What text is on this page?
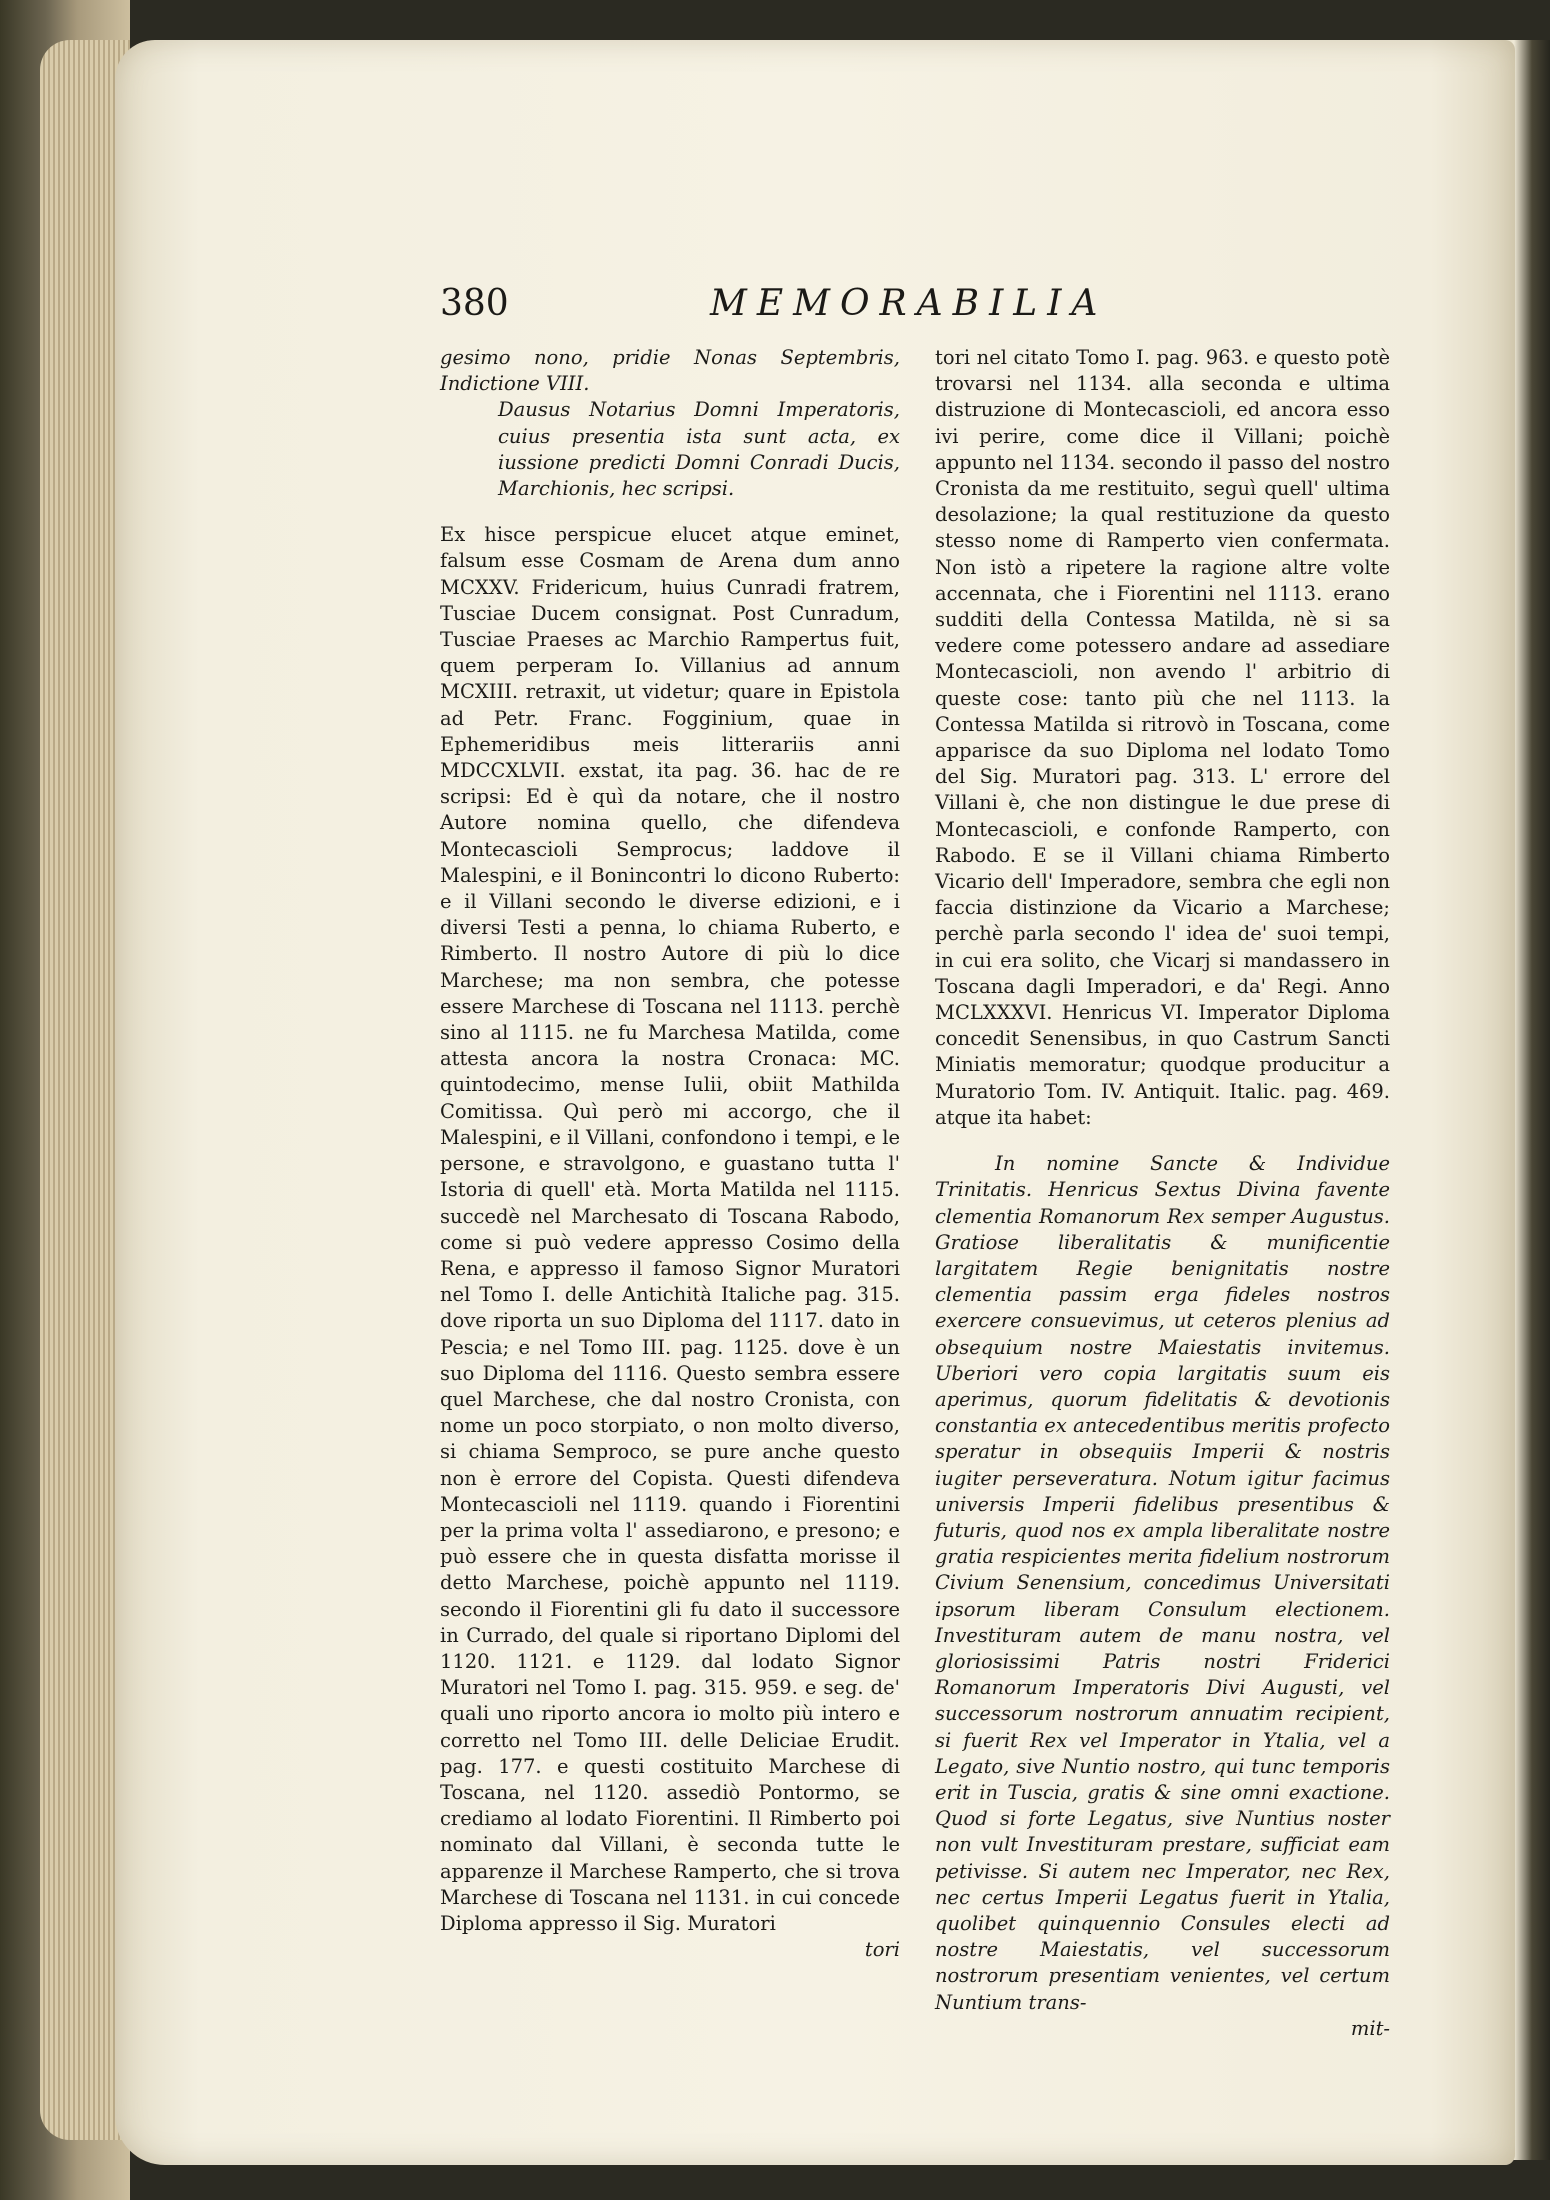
380	MEMORABILIA

gesimo nono, pridie Nonas Septembris, Indictione VIII.

Dausus Notarius Domni Imperatoris, cuius presentia ista sunt acta, ex iussione predicti Domni Conradi Ducis, Marchionis, hec scripsi.

Ex hisce perspicue elucet atque eminet, falsum esse Cosmam de Arena dum anno MCXXV. Fridericum, huius Cunradi fratrem, Tusciae Ducem consignat. Post Cunradum, Tusciae Praeses ac Marchio Rampertus fuit, quem perperam Io. Villanius ad annum MCXIII. retraxit, ut videtur; quare in Epistola ad Petr. Franc. Fogginium, quae in Ephemeridibus meis litterariis anni MDCCXLVII. exstat, ita pag. 36. hac de re scripsi: Ed è quì da notare, che il nostro Autore nomina quello, che difendeva Montecascioli Semprocus; laddove il Malespini, e il Bonincontri lo dicono Ruberto: e il Villani secondo le diverse edizioni, e i diversi Testi a penna, lo chiama Ruberto, e Rimberto. Il nostro Autore di più lo dice Marchese; ma non sembra, che potesse essere Marchese di Toscana nel 1113. perchè sino al 1115. ne fu Marchesa Matilda, come attesta ancora la nostra Cronaca: MC. quintodecimo, mense Iulii, obiit Mathilda Comitissa. Quì però mi accorgo, che il Malespini, e il Villani, confondono i tempi, e le persone, e stravolgono, e guastano tutta l' Istoria di quell' età. Morta Matilda nel 1115. succedè nel Marchesato di Toscana Rabodo, come si può vedere appresso Cosimo della Rena, e appresso il famoso Signor Muratori nel Tomo I. delle Antichità Italiche pag. 315. dove riporta un suo Diploma del 1117. dato in Pescia; e nel Tomo III. pag. 1125. dove è un suo Diploma del 1116. Questo sembra essere quel Marchese, che dal nostro Cronista, con nome un poco storpiato, o non molto diverso, si chiama Semproco, se pure anche questo non è errore del Copista. Questi difendeva Montecascioli nel 1119. quando i Fiorentini per la prima volta l' assediarono, e presono; e può essere che in questa disfatta morisse il detto Marchese, poichè appunto nel 1119. secondo il Fiorentini gli fu dato il successore in Currado, del quale si riportano Diplomi del 1120. 1121. e 1129. dal lodato Signor Muratori nel Tomo I. pag. 315. 959. e seg. de' quali uno riporto ancora io molto più intero e corretto nel Tomo III. delle Deliciae Erudit. pag. 177. e questi costituito Marchese di Toscana, nel 1120. assediò Pontormo, se crediamo al lodato Fiorentini. Il Rimberto poi nominato dal Villani, è seconda tutte le apparenze il Marchese Ramperto, che si trova Marchese di Toscana nel 1131. in cui concede Diploma appresso il Sig. Muratori

tori

tori nel citato Tomo I. pag. 963. e questo potè trovarsi nel 1134. alla seconda e ultima distruzione di Montecascioli, ed ancora esso ivi perire, come dice il Villani; poichè appunto nel 1134. secondo il passo del nostro Cronista da me restituito, seguì quell' ultima desolazione; la qual restituzione da questo stesso nome di Ramperto vien confermata. Non istò a ripetere la ragione altre volte accennata, che i Fiorentini nel 1113. erano sudditi della Contessa Matilda, nè si sa vedere come potessero andare ad assediare Montecascioli, non avendo l' arbitrio di queste cose: tanto più che nel 1113. la Contessa Matilda si ritrovò in Toscana, come apparisce da suo Diploma nel lodato Tomo del Sig. Muratori pag. 313. L' errore del Villani è, che non distingue le due prese di Montecascioli, e confonde Ramperto, con Rabodo. E se il Villani chiama Rimberto Vicario dell' Imperadore, sembra che egli non faccia distinzione da Vicario a Marchese; perchè parla secondo l' idea de' suoi tempi, in cui era solito, che Vicarj si mandassero in Toscana dagli Imperadori, e da' Regi. Anno MCLXXXVI. Henricus VI. Imperator Diploma concedit Senensibus, in quo Castrum Sancti Miniatis memoratur; quodque producitur a Muratorio Tom. IV. Antiquit. Italic. pag. 469. atque ita habet:

In nomine Sancte & Individue Trinitatis. Henricus Sextus Divina favente clementia Romanorum Rex semper Augustus. Gratiose liberalitatis & munificentie largitatem Regie benignitatis nostre clementia passim erga fideles nostros exercere consuevimus, ut ceteros plenius ad obsequium nostre Maiestatis invitemus. Uberiori vero copia largitatis suum eis aperimus, quorum fidelitatis & devotionis constantia ex antecedentibus meritis profecto speratur in obsequiis Imperii & nostris iugiter perseveratura. Notum igitur facimus universis Imperii fidelibus presentibus & futuris, quod nos ex ampla liberalitate nostre gratia respicientes merita fidelium nostrorum Civium Senensium, concedimus Universitati ipsorum liberam Consulum electionem. Investituram autem de manu nostra, vel gloriosissimi Patris nostri Friderici Romanorum Imperatoris Divi Augusti, vel successorum nostrorum annuatim recipient, si fuerit Rex vel Imperator in Ytalia, vel a Legato, sive Nuntio nostro, qui tunc temporis erit in Tuscia, gratis & sine omni exactione. Quod si forte Legatus, sive Nuntius noster non vult Investituram prestare, sufficiat eam petivisse. Si autem nec Imperator, nec Rex, nec certus Imperii Legatus fuerit in Ytalia, quolibet quinquennio Consules electi ad nostre Maiestatis, vel successorum nostrorum presentiam venientes, vel certum Nuntium trans-

mit-
